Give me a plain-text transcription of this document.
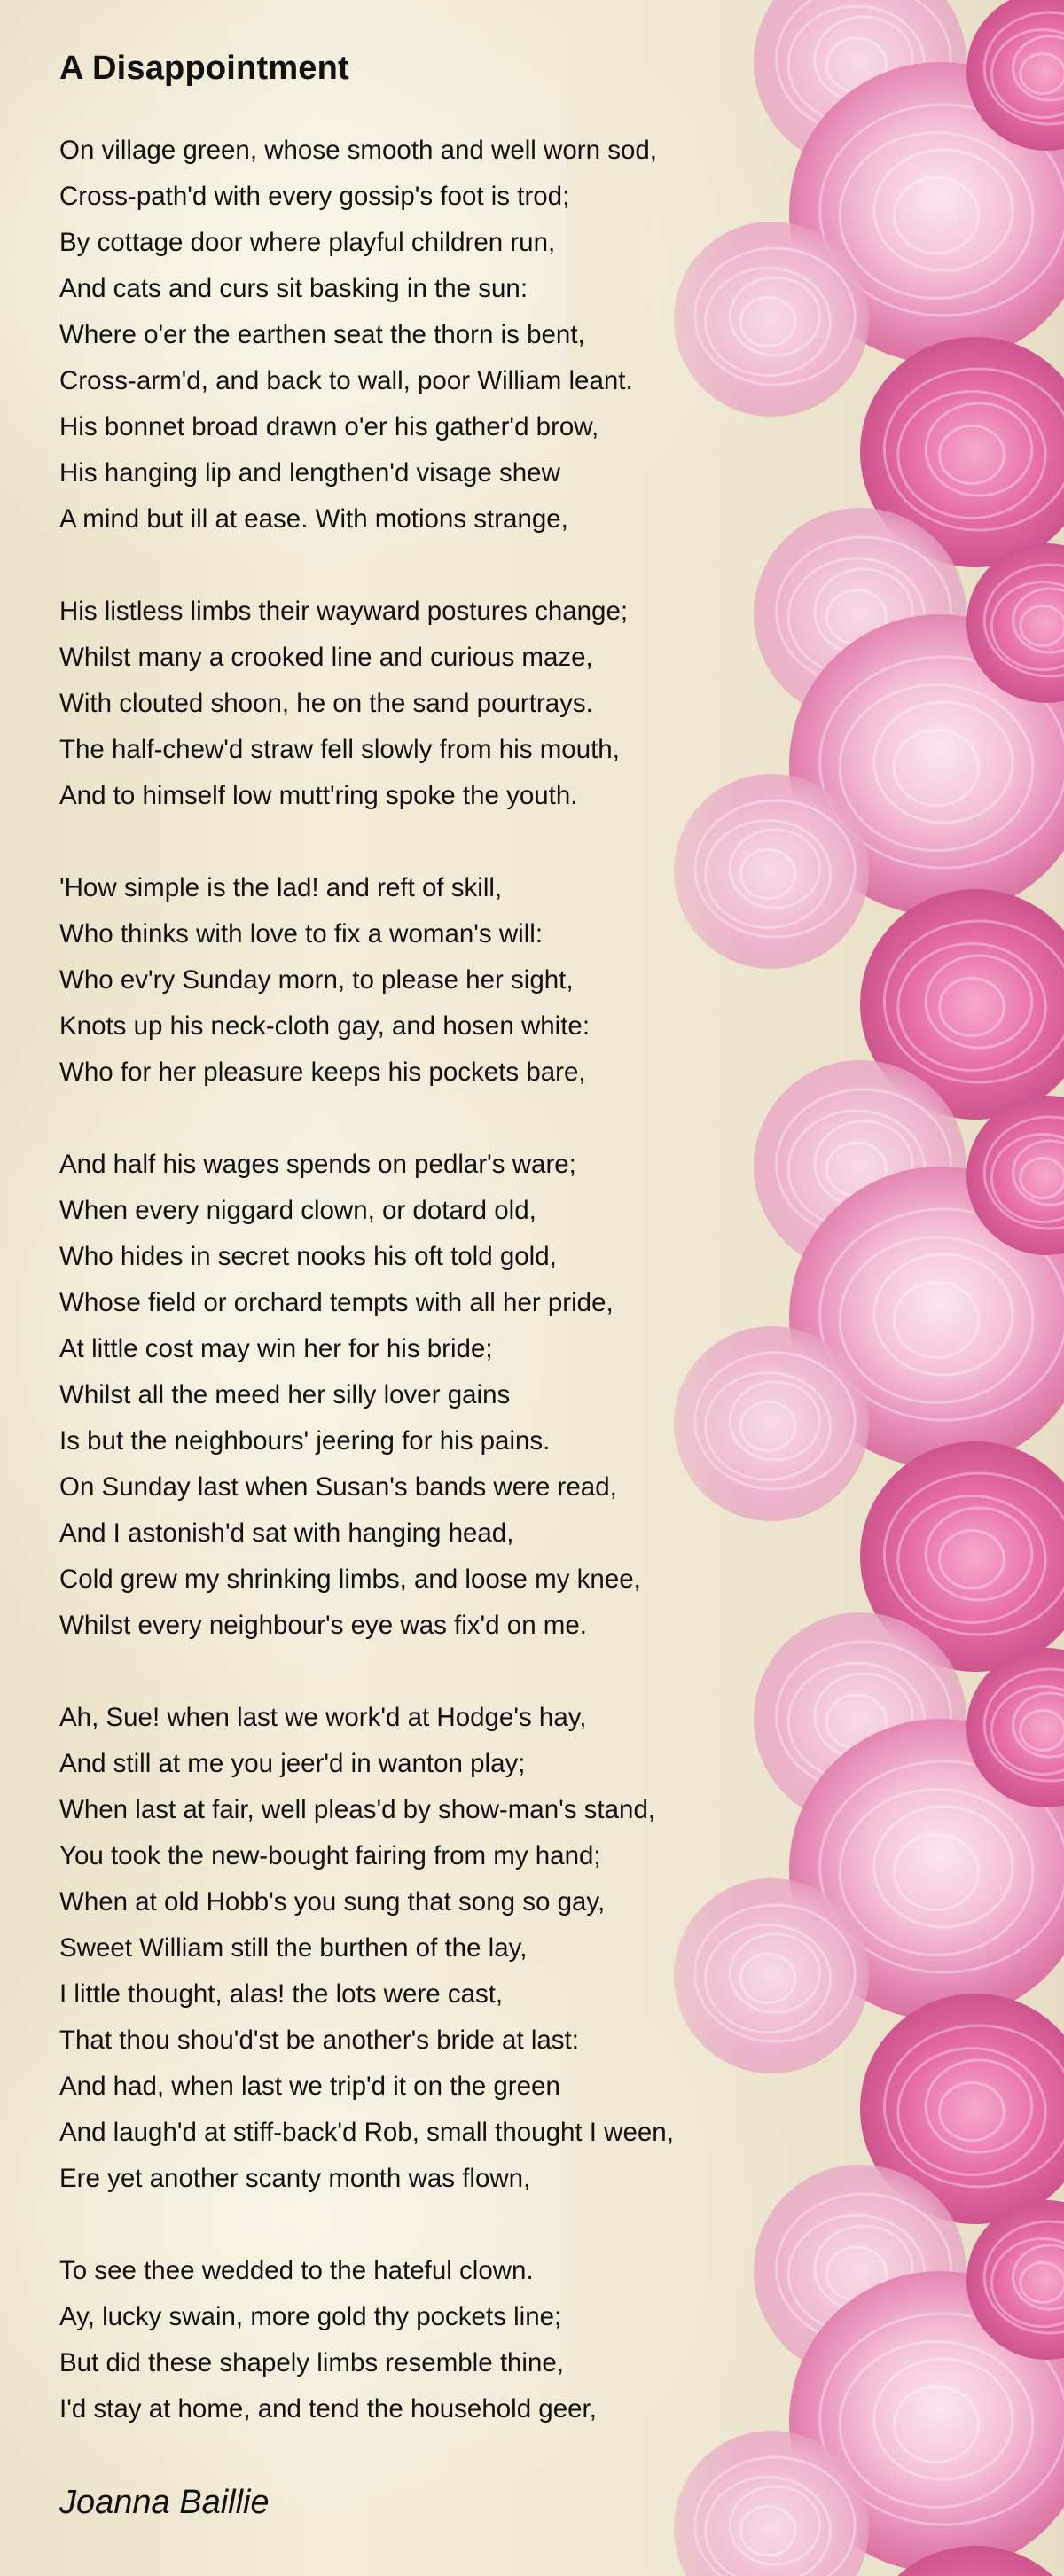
A Disappointment
On village green, whose smooth and well worn sod,
Cross-path'd with every gossip's foot is trod;
By cottage door where playful children run,
And cats and curs sit basking in the sun:
Where o'er the earthen seat the thorn is bent,
Cross-arm'd, and back to wall, poor William leant.
His bonnet broad drawn o'er his gather'd brow,
His hanging lip and lengthen'd visage shew
A mind but ill at ease. With motions strange,
His listless limbs their wayward postures change;
Whilst many a crooked line and curious maze,
With clouted shoon, he on the sand pourtrays.
The half-chew'd straw fell slowly from his mouth,
And to himself low mutt'ring spoke the youth.
'How simple is the lad! and reft of skill,
Who thinks with love to fix a woman's will:
Who ev'ry Sunday morn, to please her sight,
Knots up his neck-cloth gay, and hosen white:
Who for her pleasure keeps his pockets bare,
And half his wages spends on pedlar's ware;
When every niggard clown, or dotard old,
Who hides in secret nooks his oft told gold,
Whose field or orchard tempts with all her pride,
At little cost may win her for his bride;
Whilst all the meed her silly lover gains
Is but the neighbours' jeering for his pains.
On Sunday last when Susan's bands were read,
And I astonish'd sat with hanging head,
Cold grew my shrinking limbs, and loose my knee,
Whilst every neighbour's eye was fix'd on me.
Ah, Sue! when last we work'd at Hodge's hay,
And still at me you jeer'd in wanton play;
When last at fair, well pleas'd by show-man's stand,
You took the new-bought fairing from my hand;
When at old Hobb's you sung that song so gay,
Sweet William still the burthen of the lay,
I little thought, alas! the lots were cast,
That thou shou'd'st be another's bride at last:
And had, when last we trip'd it on the green
And laugh'd at stiff-back'd Rob, small thought I ween,
Ere yet another scanty month was flown,
To see thee wedded to the hateful clown.
Ay, lucky swain, more gold thy pockets line;
But did these shapely limbs resemble thine,
I'd stay at home, and tend the household geer,
Joanna Baillie
